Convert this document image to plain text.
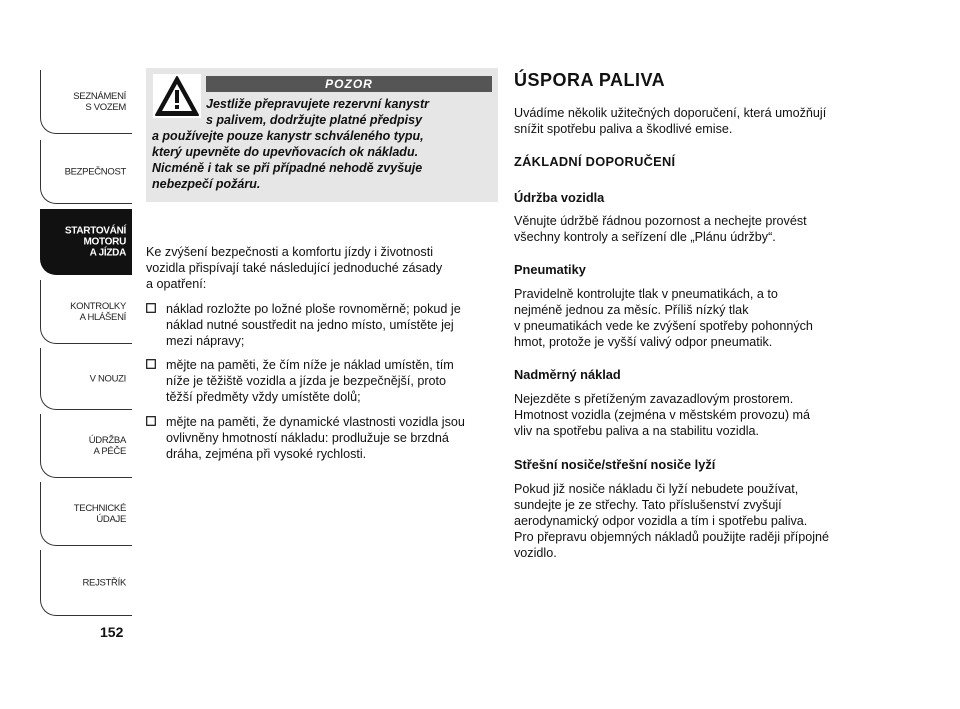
SEZNÁMENÍ
S VOZEM
BEZPEČNOST
STARTOVÁNÍ
MOTORU
A JÍZDA
KONTROLKY
A HLÁŠENÍ
V NOUZI
ÚDRŽBA
A PÉČE
TECHNICKÉ
ÚDAJE
REJSTŘÍK
152
POZOR
Jestliže přepravujete rezervní kanystr
s palivem, dodržujte platné předpisy
a používejte pouze kanystr schváleného typu,
který upevněte do upevňovacích ok nákladu.
Nicméně i tak se při případné nehodě zvyšuje
nebezpečí požáru.
Ke zvýšení bezpečnosti a komfortu jízdy i životnosti
vozidla přispívají také následující jednoduché zásady
a opatření:
náklad rozložte po ložné ploše rovnoměrně; pokud je
náklad nutné soustředit na jedno místo, umístěte jej
mezi nápravy;
mějte na paměti, že čím níže je náklad umístěn, tím
níže je těžiště vozidla a jízda je bezpečnější, proto
těžší předměty vždy umístěte dolů;
mějte na paměti, že dynamické vlastnosti vozidla jsou
ovlivněny hmotností nákladu: prodlužuje se brzdná
dráha, zejména při vysoké rychlosti.
ÚSPORA PALIVA
Uvádíme několik užitečných doporučení, která umožňují
snížit spotřebu paliva a škodlivé emise.
ZÁKLADNÍ DOPORUČENÍ
Údržba vozidla
Věnujte údržbě řádnou pozornost a nechejte provést
všechny kontroly a seřízení dle „Plánu údržby“.
Pneumatiky
Pravidelně kontrolujte tlak v pneumatikách, a to
nejméně jednou za měsíc. Příliš nízký tlak
v pneumatikách vede ke zvýšení spotřeby pohonných
hmot, protože je vyšší valivý odpor pneumatik.
Nadměrný náklad
Nejezděte s přetíženým zavazadlovým prostorem.
Hmotnost vozidla (zejména v městském provozu) má
vliv na spotřebu paliva a na stabilitu vozidla.
Střešní nosiče/střešní nosiče lyží
Pokud již nosiče nákladu či lyží nebudete používat,
sundejte je ze střechy. Tato příslušenství zvyšují
aerodynamický odpor vozidla a tím i spotřebu paliva.
Pro přepravu objemných nákladů použijte raději přípojné
vozidlo.
